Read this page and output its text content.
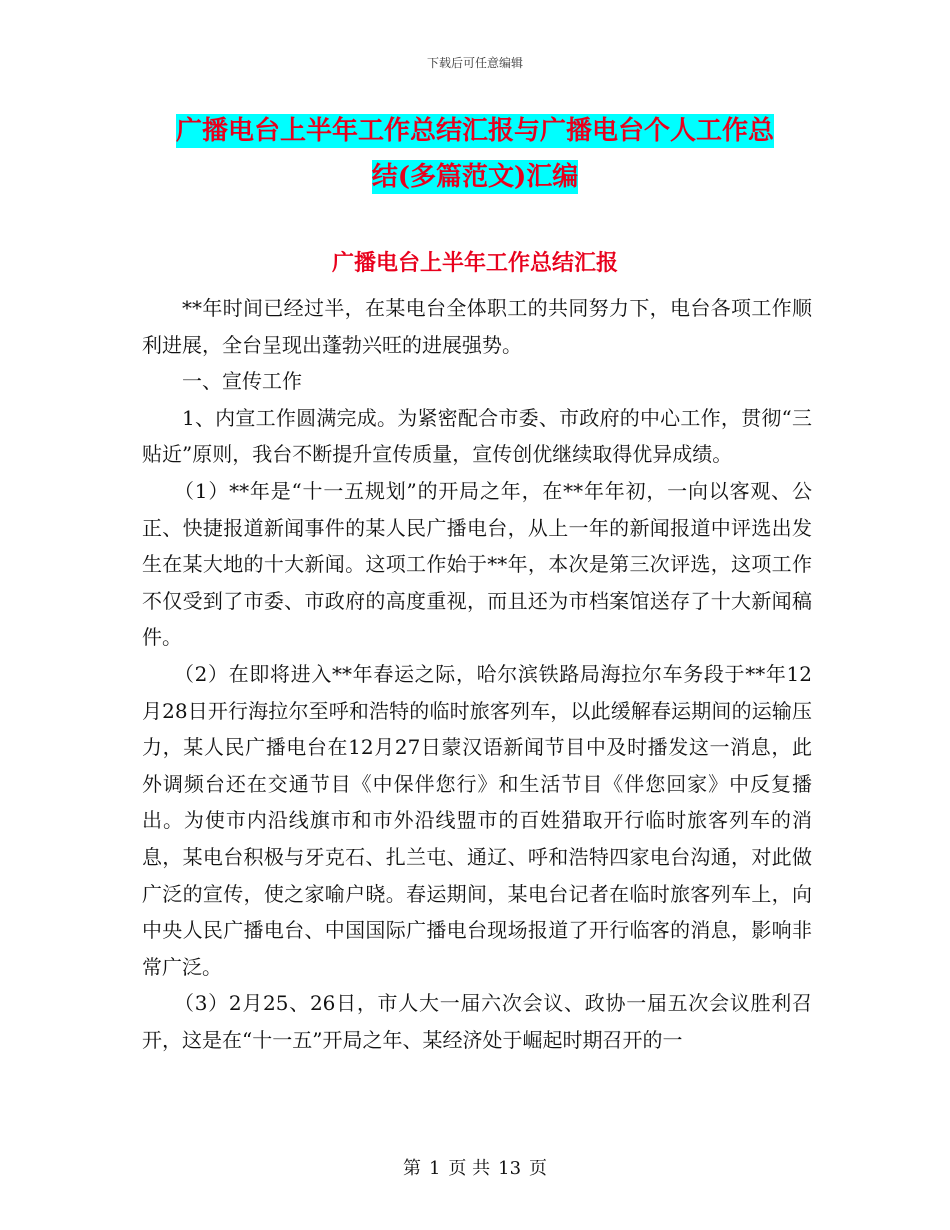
下载后可任意编辑
广播电台上半年工作总结汇报与广播电台个人工作总
结(多篇范文)汇编
广播电台上半年工作总结汇报

**年时间已经过半，在某电台全体职工的共同努力下，电台各项工作顺利进展，全台呈现出蓬勃兴旺的进展强势。

一、宣传工作

1、内宣工作圆满完成。为紧密配合市委、市政府的中心工作，贯彻“三贴近”原则，我台不断提升宣传质量，宣传创优继续取得优异成绩。

（1）**年是“十一五规划”的开局之年，在**年年初，一向以客观、公正、快捷报道新闻事件的某人民广播电台，从上一年的新闻报道中评选出发生在某大地的十大新闻。这项工作始于**年，本次是第三次评选，这项工作不仅受到了市委、市政府的高度重视，而且还为市档案馆送存了十大新闻稿件。

（2）在即将进入**年春运之际，哈尔滨铁路局海拉尔车务段于**年12月28日开行海拉尔至呼和浩特的临时旅客列车，以此缓解春运期间的运输压力，某人民广播电台在12月27日蒙汉语新闻节目中及时播发这一消息，此外调频台还在交通节目《中保伴您行》和生活节目《伴您回家》中反复播出。为使市内沿线旗市和市外沿线盟市的百姓猎取开行临时旅客列车的消息，某电台积极与牙克石、扎兰屯、通辽、呼和浩特四家电台沟通，对此做广泛的宣传，使之家喻户晓。春运期间，某电台记者在临时旅客列车上，向中央人民广播电台、中国国际广播电台现场报道了开行临客的消息，影响非常广泛。

（3）2月25、26日，市人大一届六次会议、政协一届五次会议胜利召开，这是在“十一五”开局之年、某经济处于崛起时期召开的一

第 1 页 共 13 页
